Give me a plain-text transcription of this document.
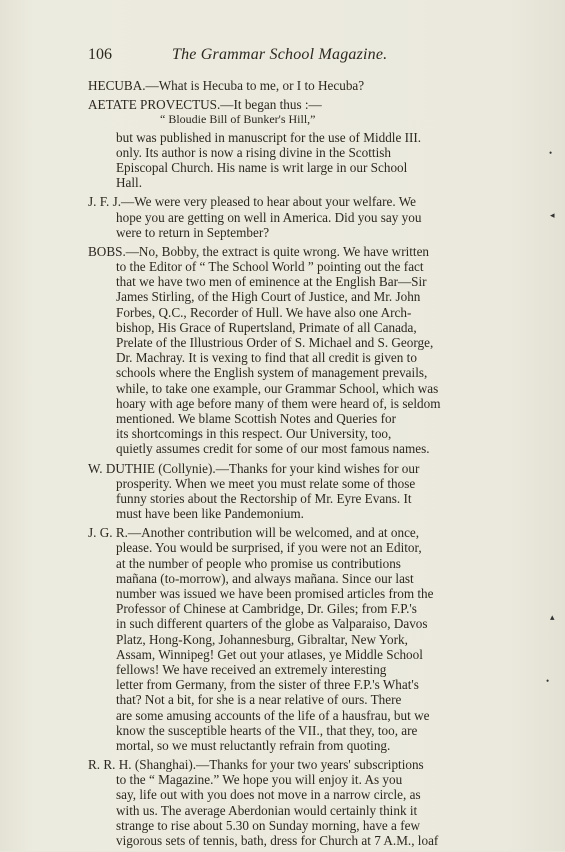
106	The Grammar School Magazine.
HECUBA.—What is Hecuba to me, or I to Hecuba?
AETATE PROVECTUS.—It began thus :—
“ Bloudie Bill of Bunker's Hill,”
but was published in manuscript for the use of Middle III.
only. Its author is now a rising divine in the Scottish
Episcopal Church. His name is writ large in our School
Hall.
J. F. J.—We were very pleased to hear about your welfare. We
hope you are getting on well in America. Did you say you
were to return in September?
BOBS.—No, Bobby, the extract is quite wrong. We have written
to the Editor of “ The School World ” pointing out the fact
that we have two men of eminence at the English Bar—Sir
James Stirling, of the High Court of Justice, and Mr. John
Forbes, Q.C., Recorder of Hull. We have also one Arch-
bishop, His Grace of Rupertsland, Primate of all Canada,
Prelate of the Illustrious Order of S. Michael and S. George,
Dr. Machray. It is vexing to find that all credit is given to
schools where the English system of management prevails,
while, to take one example, our Grammar School, which was
hoary with age before many of them were heard of, is seldom
mentioned. We blame Scottish Notes and Queries for
its shortcomings in this respect. Our University, too,
quietly assumes credit for some of our most famous names.
W. DUTHIE (Collynie).—Thanks for your kind wishes for our
prosperity. When we meet you must relate some of those
funny stories about the Rectorship of Mr. Eyre Evans. It
must have been like Pandemonium.
J. G. R.—Another contribution will be welcomed, and at once,
please. You would be surprised, if you were not an Editor,
at the number of people who promise us contributions
mañana (to-morrow), and always mañana. Since our last
number was issued we have been promised articles from the
Professor of Chinese at Cambridge, Dr. Giles; from F.P.'s
in such different quarters of the globe as Valparaiso, Davos
Platz, Hong-Kong, Johannesburg, Gibraltar, New York,
Assam, Winnipeg! Get out your atlases, ye Middle School
fellows! We have received an extremely interesting
letter from Germany, from the sister of three F.P.'s What's
that? Not a bit, for she is a near relative of ours. There
are some amusing accounts of the life of a hausfrau, but we
know the susceptible hearts of the VII., that they, too, are
mortal, so we must reluctantly refrain from quoting.
R. R. H. (Shanghai).—Thanks for your two years' subscriptions
to the “ Magazine.” We hope you will enjoy it. As you
say, life out with you does not move in a narrow circle, as
with us. The average Aberdonian would certainly think it
strange to rise about 5.30 on Sunday morning, have a few
vigorous sets of tennis, bath, dress for Church at 7 A.M., loaf
•
◂
▴
•
